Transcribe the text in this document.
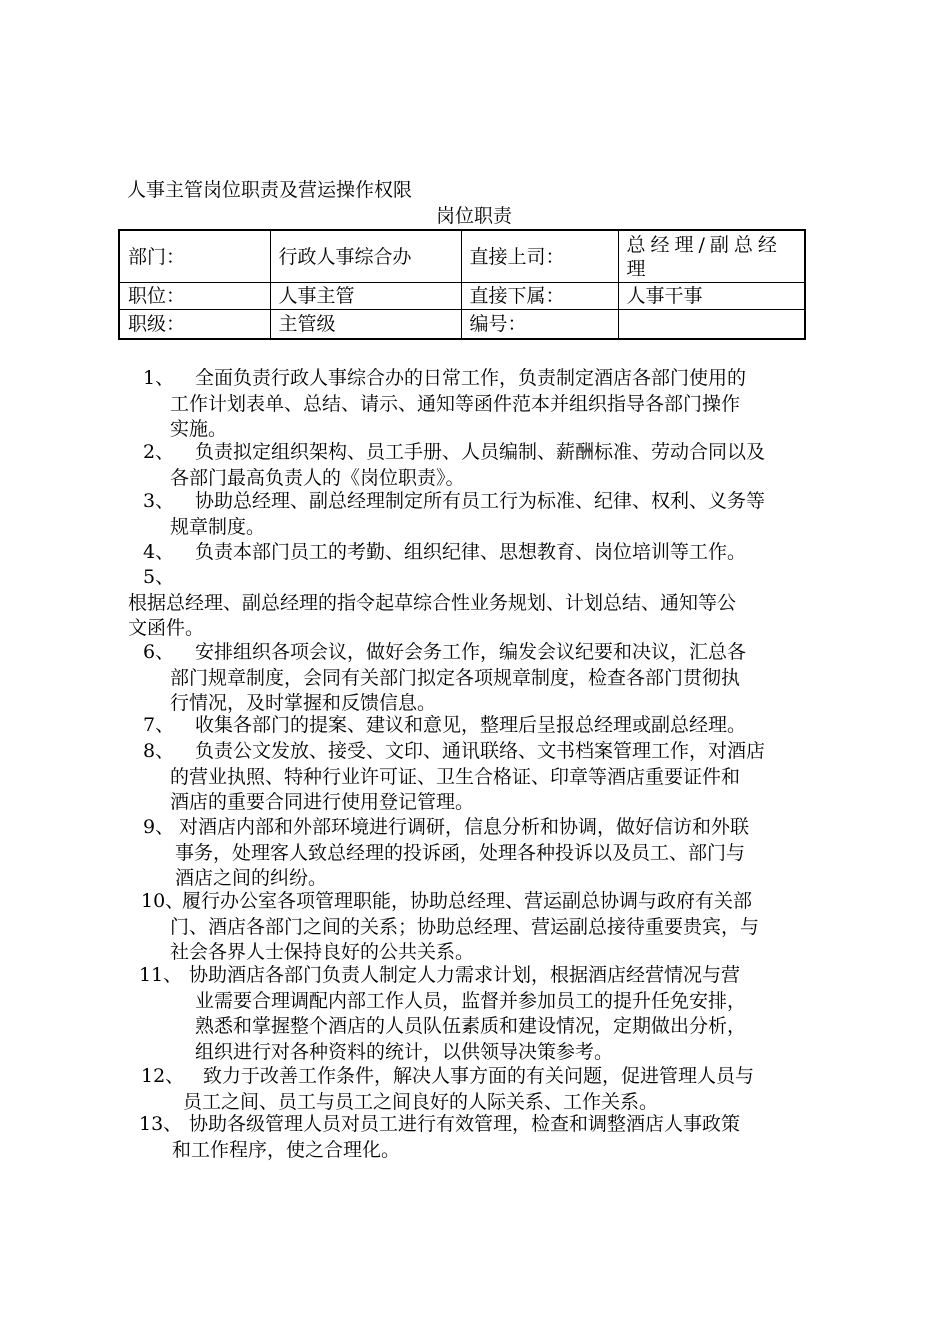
人事主管岗位职责及营运操作权限
岗位职责
部门：	行政人事综合办	直接上司：	总经理/副总经理
职位：	人事主管	直接下属：	人事干事
职级：	主管级	编号：	
1、 全面负责行政人事综合办的日常工作，负责制定酒店各部门使用的
工作计划表单、总结、请示、通知等函件范本并组织指导各部门操作
实施。
2、 负责拟定组织架构、员工手册、人员编制、薪酬标准、劳动合同以及
各部门最高负责人的《岗位职责》。
3、 协助总经理、副总经理制定所有员工行为标准、纪律、权利、义务等
规章制度。
4、 负责本部门员工的考勤、组织纪律、思想教育、岗位培训等工作。
5、
根据总经理、副总经理的指令起草综合性业务规划、计划总结、通知等公
文函件。
6、 安排组织各项会议，做好会务工作，编发会议纪要和决议，汇总各
部门规章制度，会同有关部门拟定各项规章制度，检查各部门贯彻执
行情况，及时掌握和反馈信息。
7、 收集各部门的提案、建议和意见，整理后呈报总经理或副总经理。
8、 负责公文发放、接受、文印、通讯联络、文书档案管理工作，对酒店
的营业执照、特种行业许可证、卫生合格证、印章等酒店重要证件和
酒店的重要合同进行使用登记管理。
9、 对酒店内部和外部环境进行调研，信息分析和协调，做好信访和外联
事务，处理客人致总经理的投诉函，处理各种投诉以及员工、部门与
酒店之间的纠纷。
10、
履行办公室各项管理职能，协助总经理、营运副总协调与政府有关部
门、酒店各部门之间的关系；协助总经理、营运副总接待重要贵宾，与
社会各界人士保持良好的公共关系。
11、 协助酒店各部门负责人制定人力需求计划，根据酒店经营情况与营
业需要合理调配内部工作人员，监督并参加员工的提升任免安排，
熟悉和掌握整个酒店的人员队伍素质和建设情况，定期做出分析，
组织进行对各种资料的统计，以供领导决策参考。
12、 致力于改善工作条件，解决人事方面的有关问题，促进管理人员与
员工之间、员工与员工之间良好的人际关系、工作关系。
13、 协助各级管理人员对员工进行有效管理，检查和调整酒店人事政策
和工作程序，使之合理化。
